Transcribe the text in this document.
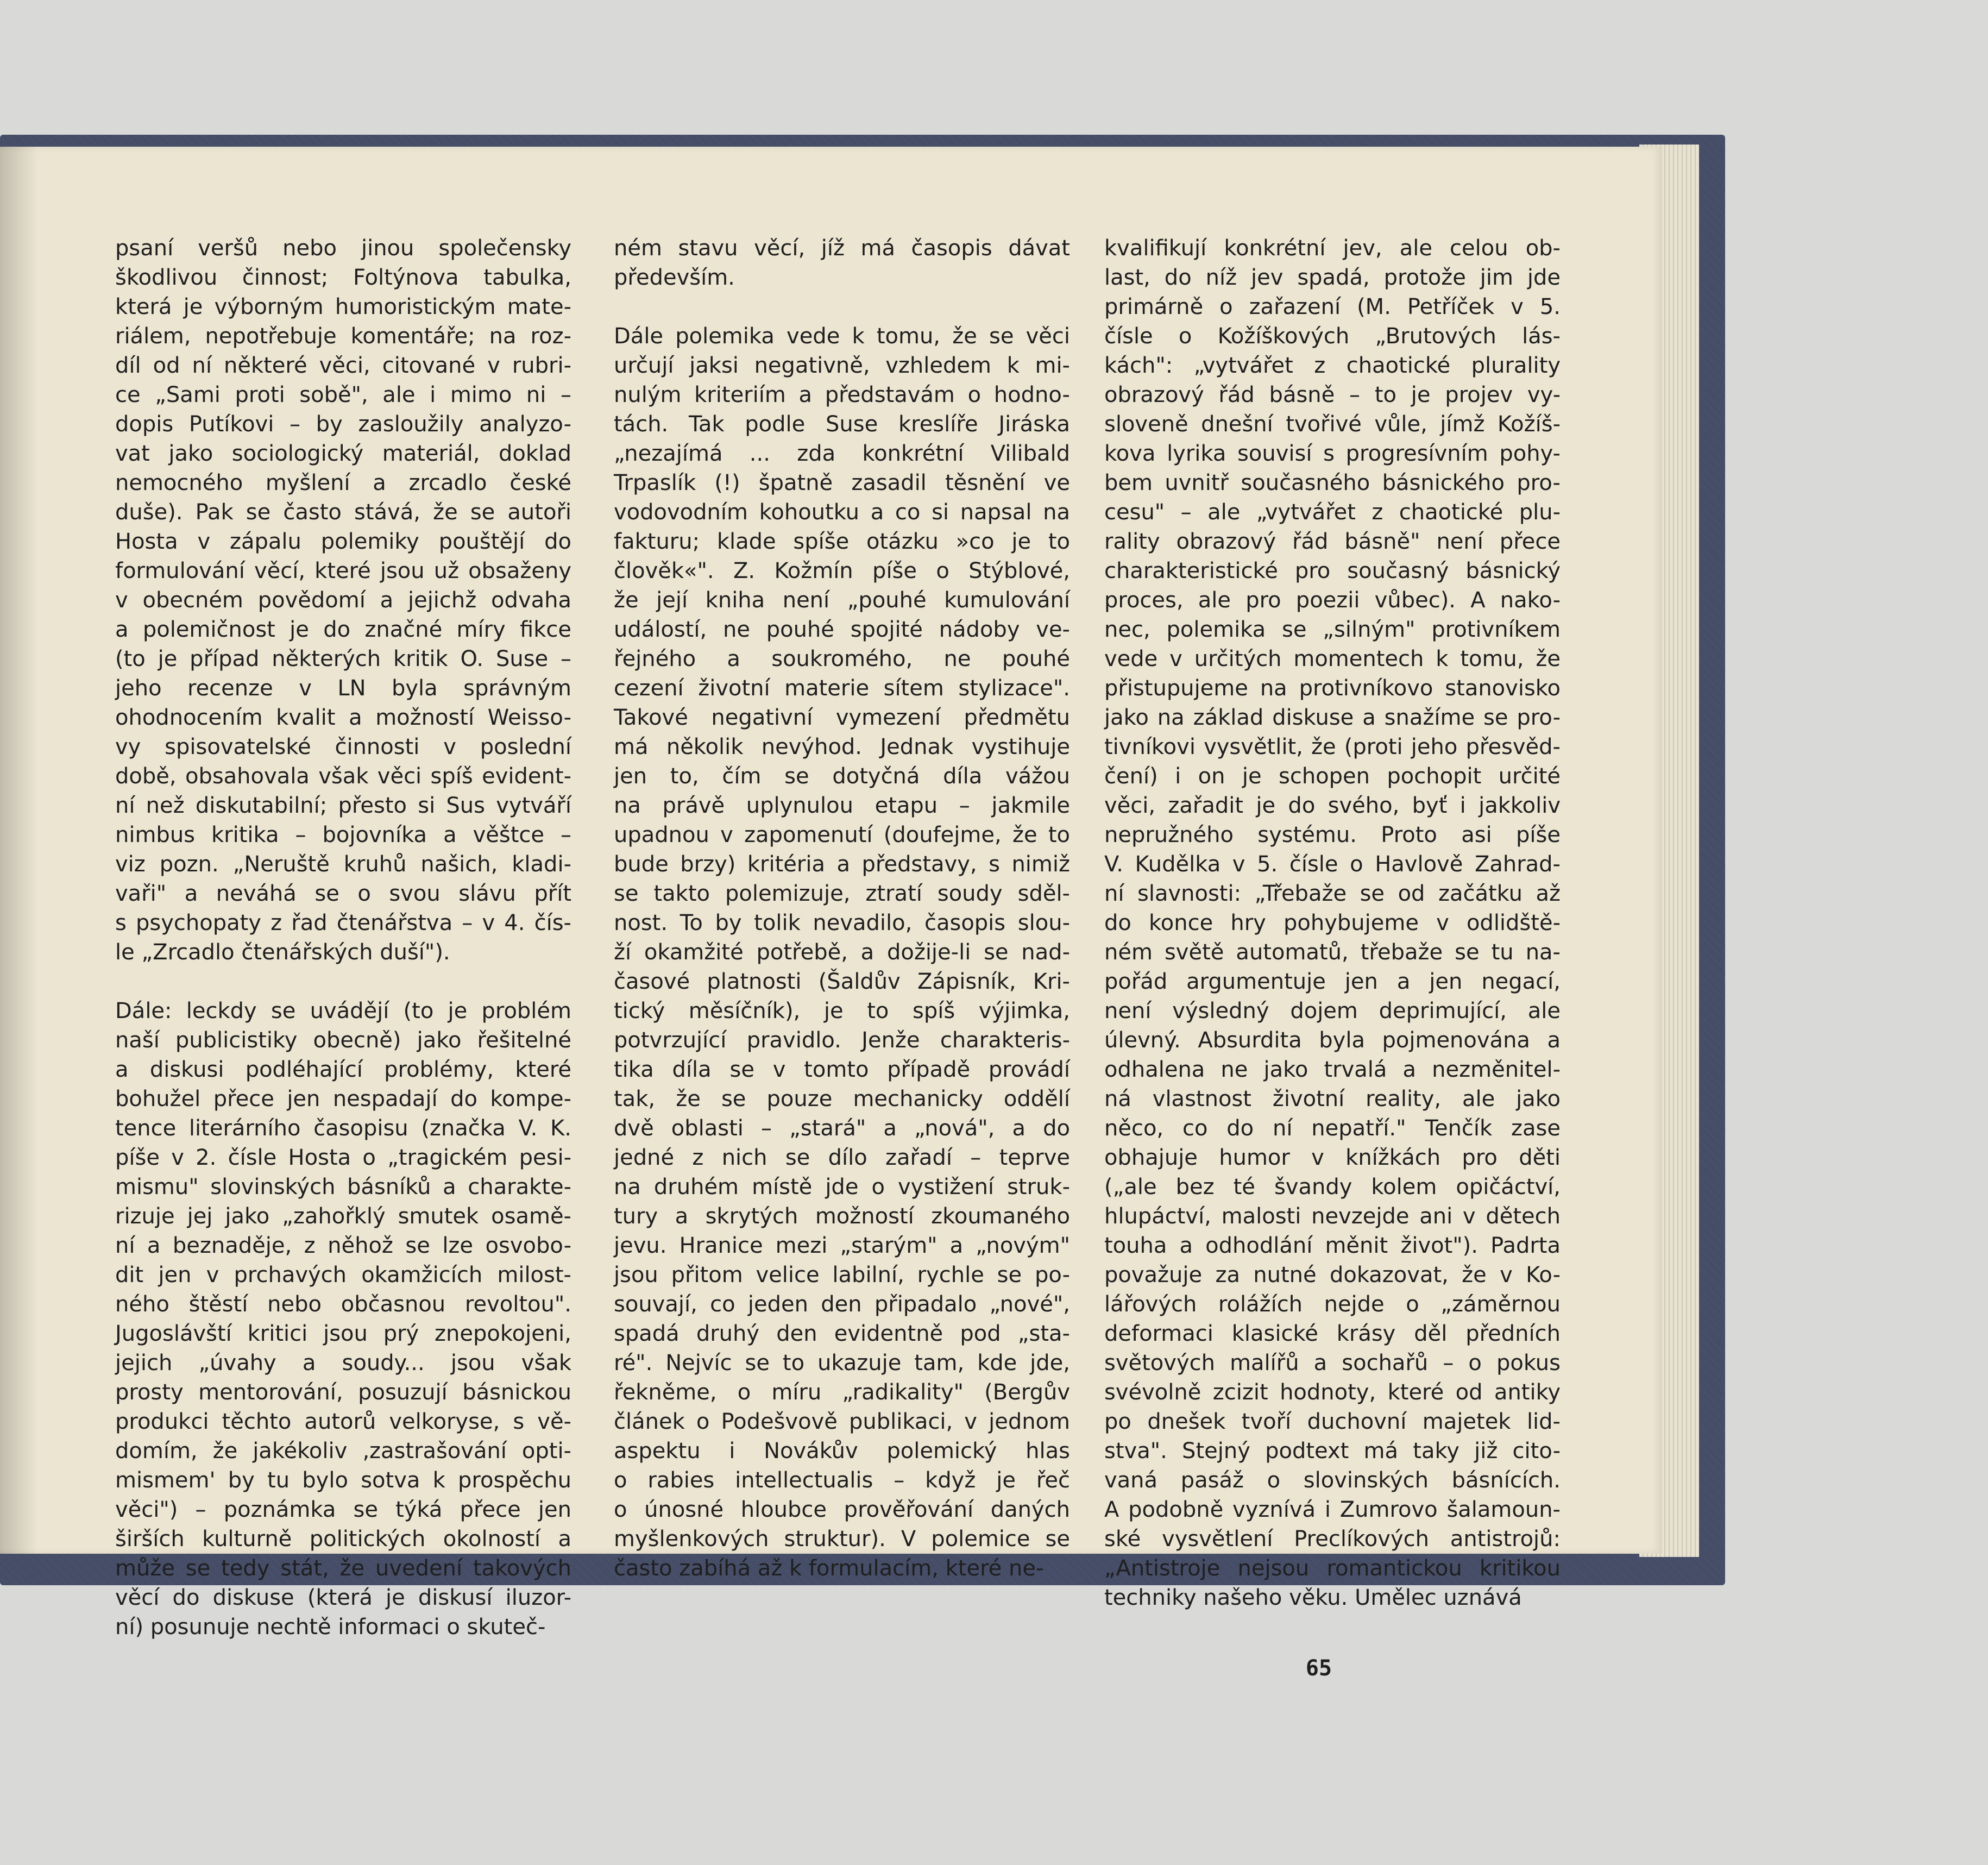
psaní veršů nebo jinou společensky

škodlivou činnost; Foltýnova tabulka,

která je výborným humoristickým mate-

riálem, nepotřebuje komentáře; na roz-

díl od ní některé věci, citované v rubri-

ce „Sami proti sobě", ale i mimo ni –

dopis Putíkovi – by zasloužily analyzo-

vat jako sociologický materiál, doklad

nemocného myšlení a zrcadlo české

duše). Pak se často stává, že se autoři

Hosta v zápalu polemiky pouštějí do

formulování věcí, které jsou už obsaženy

v obecném povědomí a jejichž odvaha

a polemičnost je do značné míry fikce

(to je případ některých kritik O. Suse –

jeho recenze v LN byla správným

ohodnocením kvalit a možností Weisso-

vy spisovatelské činnosti v poslední

době, obsahovala však věci spíš evident-

ní než diskutabilní; přesto si Sus vytváří

nimbus kritika – bojovníka a věštce –

viz pozn. „Neruště kruhů našich, kladi-

vaři" a neváhá se o svou slávu přít

s psychopaty z řad čtenářstva – v 4. čís-

le „Zrcadlo čtenářských duší").

Dále: leckdy se uvádějí (to je problém

naší publicistiky obecně) jako řešitelné

a diskusi podléhající problémy, které

bohužel přece jen nespadají do kompe-

tence literárního časopisu (značka V. K.

píše v 2. čísle Hosta o „tragickém pesi-

mismu" slovinských básníků a charakte-

rizuje jej jako „zahořklý smutek osamě-

ní a beznaděje, z něhož se lze osvobo-

dit jen v prchavých okamžicích milost-

ného štěstí nebo občasnou revoltou".

Jugoslávští kritici jsou prý znepokojeni,

jejich „úvahy a soudy... jsou však

prosty mentorování, posuzují básnickou

produkci těchto autorů velkoryse, s vě-

domím, že jakékoliv ‚zastrašování opti-

mismem' by tu bylo sotva k prospěchu

věci") – poznámka se týká přece jen

širších kulturně politických okolností a

může se tedy stát, že uvedení takových

věcí do diskuse (která je diskusí iluzor-

ní) posunuje nechtě informaci o skuteč-

ném stavu věcí, jíž má časopis dávat

především.

Dále polemika vede k tomu, že se věci

určují jaksi negativně, vzhledem k mi-

nulým kriteriím a představám o hodno-

tách. Tak podle Suse kreslíře Jiráska

„nezajímá ... zda konkrétní Vilibald

Trpaslík (!) špatně zasadil těsnění ve

vodovodním kohoutku a co si napsal na

fakturu; klade spíše otázku »co je to

člověk«". Z. Kožmín píše o Stýblové,

že její kniha není „pouhé kumulování

událostí, ne pouhé spojité nádoby ve-

řejného a soukromého, ne pouhé

cezení životní materie sítem stylizace".

Takové negativní vymezení předmětu

má několik nevýhod. Jednak vystihuje

jen to, čím se dotyčná díla vážou

na právě uplynulou etapu – jakmile

upadnou v zapomenutí (doufejme, že to

bude brzy) kritéria a představy, s nimiž

se takto polemizuje, ztratí soudy sděl-

nost. To by tolik nevadilo, časopis slou-

ží okamžité potřebě, a dožije-li se nad-

časové platnosti (Šaldův Zápisník, Kri-

tický měsíčník), je to spíš výjimka,

potvrzující pravidlo. Jenže charakteris-

tika díla se v tomto případě provádí

tak, že se pouze mechanicky oddělí

dvě oblasti – „stará" a „nová", a do

jedné z nich se dílo zařadí – teprve

na druhém místě jde o vystižení struk-

tury a skrytých možností zkoumaného

jevu. Hranice mezi „starým" a „novým"

jsou přitom velice labilní, rychle se po-

souvají, co jeden den připadalo „nové",

spadá druhý den evidentně pod „sta-

ré". Nejvíc se to ukazuje tam, kde jde,

řekněme, o míru „radikality" (Bergův

článek o Podešvově publikaci, v jednom

aspektu i Novákův polemický hlas

o rabies intellectualis – když je řeč

o únosné hloubce prověřování daných

myšlenkových struktur). V polemice se

často zabíhá až k formulacím, které ne-

kvalifikují konkrétní jev, ale celou ob-

last, do níž jev spadá, protože jim jde

primárně o zařazení (M. Petříček v 5.

čísle o Kožíškových „Brutových lás-

kách": „vytvářet z chaotické plurality

obrazový řád básně – to je projev vy-

sloveně dnešní tvořivé vůle, jímž Kožíš-

kova lyrika souvisí s progresívním pohy-

bem uvnitř současného básnického pro-

cesu" – ale „vytvářet z chaotické plu-

rality obrazový řád básně" není přece

charakteristické pro současný básnický

proces, ale pro poezii vůbec). A nako-

nec, polemika se „silným" protivníkem

vede v určitých momentech k tomu, že

přistupujeme na protivníkovo stanovisko

jako na základ diskuse a snažíme se pro-

tivníkovi vysvětlit, že (proti jeho přesvěd-

čení) i on je schopen pochopit určité

věci, zařadit je do svého, byť i jakkoliv

nepružného systému. Proto asi píše

V. Kudělka v 5. čísle o Havlově Zahrad-

ní slavnosti: „Třebaže se od začátku až

do konce hry pohybujeme v odlidště-

ném světě automatů, třebaže se tu na-

pořád argumentuje jen a jen negací,

není výsledný dojem deprimující, ale

úlevný. Absurdita byla pojmenována a

odhalena ne jako trvalá a nezměnitel-

ná vlastnost životní reality, ale jako

něco, co do ní nepatří." Tenčík zase

obhajuje humor v knížkách pro děti

(„ale bez té švandy kolem opičáctví,

hlupáctví, malosti nevzejde ani v dětech

touha a odhodlání měnit život"). Padrta

považuje za nutné dokazovat, že v Ko-

lářových rolážích nejde o „záměrnou

deformaci klasické krásy děl předních

světových malířů a sochařů – o pokus

svévolně zcizit hodnoty, které od antiky

po dnešek tvoří duchovní majetek lid-

stva". Stejný podtext má taky již cito-

vaná pasáž o slovinských básnících.

A podobně vyznívá i Zumrovo šalamoun-

ské vysvětlení Preclíkových antistrojů:

„Antistroje nejsou romantickou kritikou

techniky našeho věku. Umělec uznává

65
